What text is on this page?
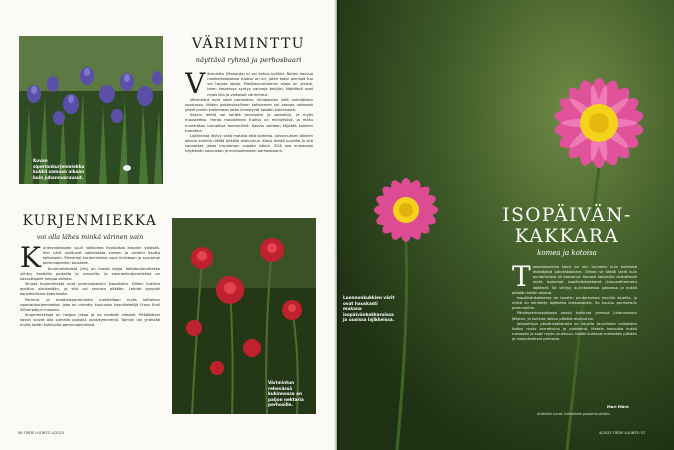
Kuvan siperiankurjenmiekka kukkii samaan aikaan kuin juhannusruusut.
VÄRIMINTTU
näyttävä ryhmä ja perhosbaari

Väriminttu (Monarda) ei voi kehua kylläisi. Niiden kasvua mekkertalaisessa tuoksu on eri, joten kaksi pienistä tuo voi tarjota lajeja. Mielikasvuntoimiin lajeja on yleisiä, joten kasveissa syntyy vahvoja tekijäsi. Näyttävä ovat myös lilla ja valkoiset värimintut.

Värimintut ovat sekä perhosten, kimalaisten että mehiläisten suosiossa. Niiden pokkeuksellinen kotisiemen voi kasvaa vaikeasti pitkiä jonkin kukkimaan jotka ilmestyvät kesään kukinnasta.

Kasvin lehtiä voi kerätä teeaineksi ja salaattiin, ja myös mausteeksi. Hento mausteinen tuoksu on miellyttävä, ja maku muistuttaa tunnettua teemerkkiä. Kasvia voidaan käyttää kukkien tuoreena.

Lajikkeista löytyy sekä matalia että korkeita. Juhannuksen jälkeen alkava kukinta riittää pitkälle elokuuhun. Kasvi leviää juurelta ja sitä kannattaa jakaa muutaman vuoden välein. Sillä saa mukavasti näyttävän kasvuston ja ensiluokkaisen perhosbaarin.

KURJENMIEKKA
voi olla lähes minkä värinen vain

Kurjenmiekkojen suuri valikoima ihastuttaa kasvien ystävää. Sen värit ulottuvat valkoisesta sinisen ja violetin kautta keltaiseen. Pienempi kurjenmiekka sopii kivikkoon ja suurempi perennapenkin taustalle.

Kurjenmiekoista (Iris) on monia lajeja. Keltakurjenmiekka viihtyy kosteilla paikoilla ja rannoilla, ja siperiankurjenmiekka on kasvattajalle helppo valinta.

Siniset kurjenmiekat ovat perennapenkin klassikoita. Niiden kukinta ajoittuu alkukesään, ja sitä voi seurata pitkään. Lehdet pysyvät koristeellisina koko kesän.

Perinne- ja maatiaisperennoiksi luokitellaan myös keltainen siperiankurjenmiekka, joka on nimetty kuuluisan kasvitieteilijä Frans Emil Silfverpaljun mukaan.

Kurjenmiekkoja on helppo jakaa ja ne leviävät hitaasti. Pitkäikäiset kasvit voivat olla samalla paikalla vuosikymmeniä. Taimiin voi yhdistää muita kesän kukkijoita perennapenkissä.

Värimintun rehevässä kukinnossa on paljon nektaria perhosille.
56 TIEDE LUONTO 4/2022
Luonnonkukkien värit ovat hauskasti mukana isopäivänkakkaroissa ja uusissa lajikkeissa.
ISOPÄIVÄN-
KAKKARA
komea ja kotoisa

Taukainkukkiva kasvi on niin tunnettu kuin kukkaisä levittäjänä päivänkakkara. Olihan se täällä vielä kuin puutarhoista oli kasvanut. Kovasti kotoisilta vaikuttavat myös isoimmat isopäivänkakkarat (Leucanthemum) lajikkeet. Se viihtyy aurinkoisessa paikassa ja kukkii pitkään kesän aikana.

Isopäivänkakkaraa on tavattu puutarhoissa monilla alueilla, ja niistä on kehitetty lajikkeita leikkokukiksi. Se kuuluu perinteisiin perennoihin.

Päivänperhoskukkaan kasvit kukkivat yleensä juhannuksen jälkeen, ja kukinta jatkuu pitkälle elokuuhun.

Jalostettuja päivänkakkaroita on tarjolla tavallisten valkoisten lisäksi myös kerrattuina ja pinkkeinä. Matala kasvusto kukkii runsaasti ja sopii myös ruukkuun. Kaikki kukkivat mielelään pitkään ja houkuttelevat perhosia.

Mari Mörö
Artikkelin kuvat: kotimainen puutarha-arkisto.
4/2022 TIEDE LUONTO 57
